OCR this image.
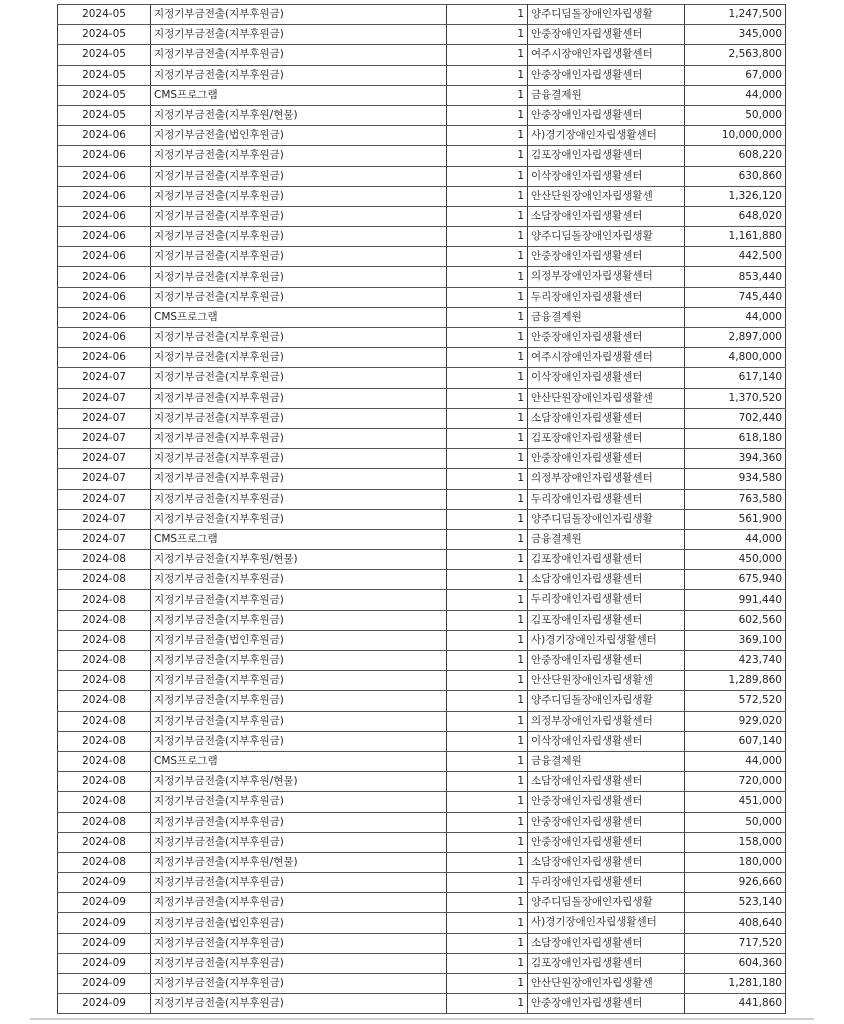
2024-05	지정기부금전출(지부후원금)	1	양주디딤돌장애인자립생활	1,247,500
2024-05	지정기부금전출(지부후원금)	1	안중장애인자립생활센터	345,000
2024-05	지정기부금전출(지부후원금)	1	여주시장애인자립생활센터	2,563,800
2024-05	지정기부금전출(지부후원금)	1	안중장애인자립생활센터	67,000
2024-05	CMS프로그램	1	금융결제원	44,000
2024-05	지정기부금전출(지부후원/현물)	1	안중장애인자립생활센터	50,000
2024-06	지정기부금전출(법인후원금)	1	사)경기장애인자립생활센터	10,000,000
2024-06	지정기부금전출(지부후원금)	1	김포장애인자립생활센터	608,220
2024-06	지정기부금전출(지부후원금)	1	이삭장애인자립생활센터	630,860
2024-06	지정기부금전출(지부후원금)	1	안산단원장애인자립생활센	1,326,120
2024-06	지정기부금전출(지부후원금)	1	소담장애인자립생활센터	648,020
2024-06	지정기부금전출(지부후원금)	1	양주디딤돌장애인자립생활	1,161,880
2024-06	지정기부금전출(지부후원금)	1	안중장애인자립생활센터	442,500
2024-06	지정기부금전출(지부후원금)	1	의정부장애인자립생활센터	853,440
2024-06	지정기부금전출(지부후원금)	1	두리장애인자립생활센터	745,440
2024-06	CMS프로그램	1	금융결제원	44,000
2024-06	지정기부금전출(지부후원금)	1	안중장애인자립생활센터	2,897,000
2024-06	지정기부금전출(지부후원금)	1	여주시장애인자립생활센터	4,800,000
2024-07	지정기부금전출(지부후원금)	1	이삭장애인자립생활센터	617,140
2024-07	지정기부금전출(지부후원금)	1	안산단원장애인자립생활센	1,370,520
2024-07	지정기부금전출(지부후원금)	1	소담장애인자립생활센터	702,440
2024-07	지정기부금전출(지부후원금)	1	김포장애인자립생활센터	618,180
2024-07	지정기부금전출(지부후원금)	1	안중장애인자립생활센터	394,360
2024-07	지정기부금전출(지부후원금)	1	의정부장애인자립생활센터	934,580
2024-07	지정기부금전출(지부후원금)	1	두리장애인자립생활센터	763,580
2024-07	지정기부금전출(지부후원금)	1	양주디딤돌장애인자립생활	561,900
2024-07	CMS프로그램	1	금융결제원	44,000
2024-08	지정기부금전출(지부후원/현물)	1	김포장애인자립생활센터	450,000
2024-08	지정기부금전출(지부후원금)	1	소담장애인자립생활센터	675,940
2024-08	지정기부금전출(지부후원금)	1	두리장애인자립생활센터	991,440
2024-08	지정기부금전출(지부후원금)	1	김포장애인자립생활센터	602,560
2024-08	지정기부금전출(법인후원금)	1	사)경기장애인자립생활센터	369,100
2024-08	지정기부금전출(지부후원금)	1	안중장애인자립생활센터	423,740
2024-08	지정기부금전출(지부후원금)	1	안산단원장애인자립생활센	1,289,860
2024-08	지정기부금전출(지부후원금)	1	양주디딤돌장애인자립생활	572,520
2024-08	지정기부금전출(지부후원금)	1	의정부장애인자립생활센터	929,020
2024-08	지정기부금전출(지부후원금)	1	이삭장애인자립생활센터	607,140
2024-08	CMS프로그램	1	금융결제원	44,000
2024-08	지정기부금전출(지부후원/현물)	1	소담장애인자립생활센터	720,000
2024-08	지정기부금전출(지부후원금)	1	안중장애인자립생활센터	451,000
2024-08	지정기부금전출(지부후원금)	1	안중장애인자립생활센터	50,000
2024-08	지정기부금전출(지부후원금)	1	안중장애인자립생활센터	158,000
2024-08	지정기부금전출(지부후원/현물)	1	소담장애인자립생활센터	180,000
2024-09	지정기부금전출(지부후원금)	1	두리장애인자립생활센터	926,660
2024-09	지정기부금전출(지부후원금)	1	양주디딤돌장애인자립생활	523,140
2024-09	지정기부금전출(법인후원금)	1	사)경기장애인자립생활센터	408,640
2024-09	지정기부금전출(지부후원금)	1	소담장애인자립생활센터	717,520
2024-09	지정기부금전출(지부후원금)	1	김포장애인자립생활센터	604,360
2024-09	지정기부금전출(지부후원금)	1	안산단원장애인자립생활센	1,281,180
2024-09	지정기부금전출(지부후원금)	1	안중장애인자립생활센터	441,860
